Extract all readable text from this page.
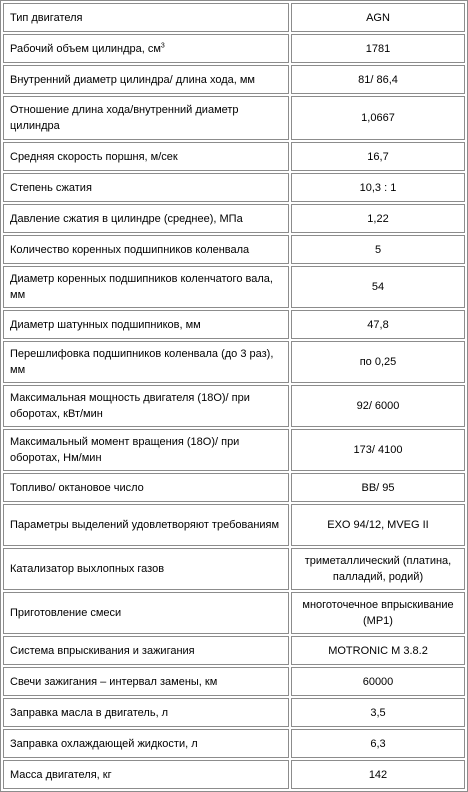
Тип двигателя	AGN
Рабочий объем цилиндра, $см^3$	1781
Внутренний диаметр цилиндра/ длина хода, мм	81/ 86,4
Отношение длина хода/внутренний диаметр цилиндра	1,0667
Средняя скорость поршня, м/сек	16,7
Степень сжатия	10,3 : 1
Давление сжатия в цилиндре (среднее), МПа	1,22
Количество коренных подшипников коленвала	5
Диаметр коренных подшипников коленчатого вала, мм	54
Диаметр шатунных подшипников, мм	47,8
Перешлифовка подшипников коленвала (до 3 раз), мм	по 0,25
Максимальная мощность двигателя (18О)/ при оборотах, кВт/мин	92/ 6000
Максимальный момент вращения (18О)/ при оборотах, Нм/мин	173/ 4100
Топливо/ октановое число	BB/ 95
Параметры выделений удовлетворяют требованиям	EXO 94/12, MVEG II
Катализатор выхлопных газов	триметаллический (платина, палладий, родий)
Приготовление смеси	многоточечное впрыскивание (MP1)
Система впрыскивания и зажигания	MOTRONIC M 3.8.2
Свечи зажигания – интервал замены, км	60000
Заправка масла в двигатель, л	3,5
Заправка охлаждающей жидкости, л	6,3
Масса двигателя, кг	142
